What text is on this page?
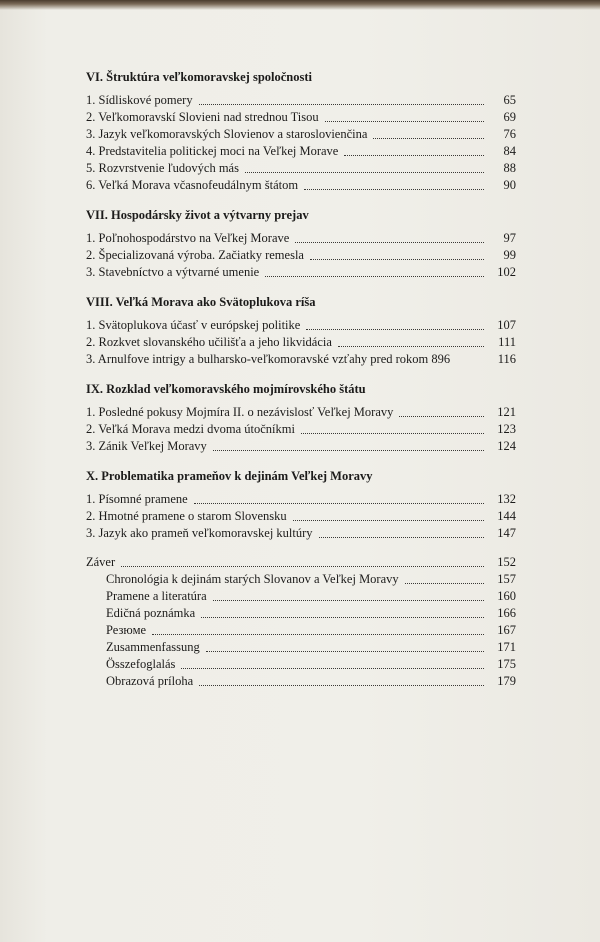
VI. Štruktúra veľkomoravskej spoločnosti
1. Sídliskové pomery	65
2. Veľkomoravskí Slovieni nad strednou Tisou	69
3. Jazyk veľkomoravských Slovienov a staroslovienčina	76
4. Predstavitelia politickej moci na Veľkej Morave	84
5. Rozvrstvenie ľudových más	88
6. Veľká Morava včasnofeudálnym štátom	90
VII. Hospodársky život a výtvarny prejav
1. Poľnohospodárstvo na Veľkej Morave	97
2. Špecializovaná výroba. Začiatky remesla	99
3. Stavebníctvo a výtvarné umenie	102
VIII. Veľká Morava ako Svätoplukova ríša
1. Svätoplukova účasť v európskej politike	107
2. Rozkvet slovanského učilišťa a jeho likvidácia	111
3. Arnulfove intrigy a bulharsko-veľkomoravské vzťahy pred rokom 896	116
IX. Rozklad veľkomoravského mojmírovského štátu
1. Posledné pokusy Mojmíra II. o nezávislosť Veľkej Moravy	121
2. Veľká Morava medzi dvoma útočníkmi	123
3. Zánik Veľkej Moravy	124
X. Problematika prameňov k dejinám Veľkej Moravy
1. Písomné pramene	132
2. Hmotné pramene o starom Slovensku	144
3. Jazyk ako prameň veľkomoravskej kultúry	147
Záver	152
Chronológia k dejinám starých Slovanov a Veľkej Moravy	157
Pramene a literatúra	160
Edičná poznámka	166
Резюме	167
Zusammenfassung	171
Összefoglalás	175
Obrazová príloha	179
